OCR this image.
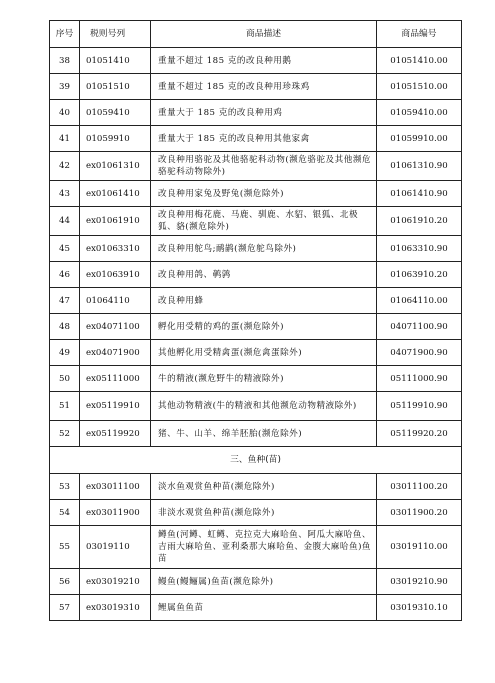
序号	税则号列	商品描述	商品编号
38	01051410	重量不超过 185 克的改良种用鹅	01051410.00
39	01051510	重量不超过 185 克的改良种用珍珠鸡	01051510.00
40	01059410	重量大于 185 克的改良种用鸡	01059410.00
41	01059910	重量大于 185 克的改良种用其他家禽	01059910.00
42	ex01061310	改良种用骆驼及其他骆驼科动物(濒危骆驼及其他濒危骆驼科动物除外)	01061310.90
43	ex01061410	改良种用家兔及野兔(濒危除外)	01061410.90
44	ex01061910	改良种用梅花鹿、马鹿、驯鹿、水貂、银狐、北极狐、貉(濒危除外)	01061910.20
45	ex01063310	改良种用鸵鸟;鸸鹋(濒危鸵鸟除外)	01063310.90
46	ex01063910	改良种用鸽、鹌鹑	01063910.20
47	01064110	改良种用蜂	01064110.00
48	ex04071100	孵化用受精的鸡的蛋(濒危除外)	04071100.90
49	ex04071900	其他孵化用受精禽蛋(濒危禽蛋除外)	04071900.90
50	ex05111000	牛的精液(濒危野牛的精液除外)	05111000.90
51	ex05119910	其他动物精液(牛的精液和其他濒危动物精液除外)	05119910.90
52	ex05119920	猪、牛、山羊、绵羊胚胎(濒危除外)	05119920.20
三、鱼种(苗)			
53	ex03011100	淡水鱼观赏鱼种苗(濒危除外)	03011100.20
54	ex03011900	非淡水观赏鱼种苗(濒危除外)	03011900.20
55	03019110	鳟鱼(河鳟、虹鳟、克拉克大麻哈鱼、阿瓜大麻哈鱼、吉雨大麻哈鱼、亚利桑那大麻哈鱼、金腹大麻哈鱼)鱼苗	03019110.00
56	ex03019210	鳗鱼(鳗鲡属)鱼苗(濒危除外)	03019210.90
57	ex03019310	鲤属鱼鱼苗	03019310.10
